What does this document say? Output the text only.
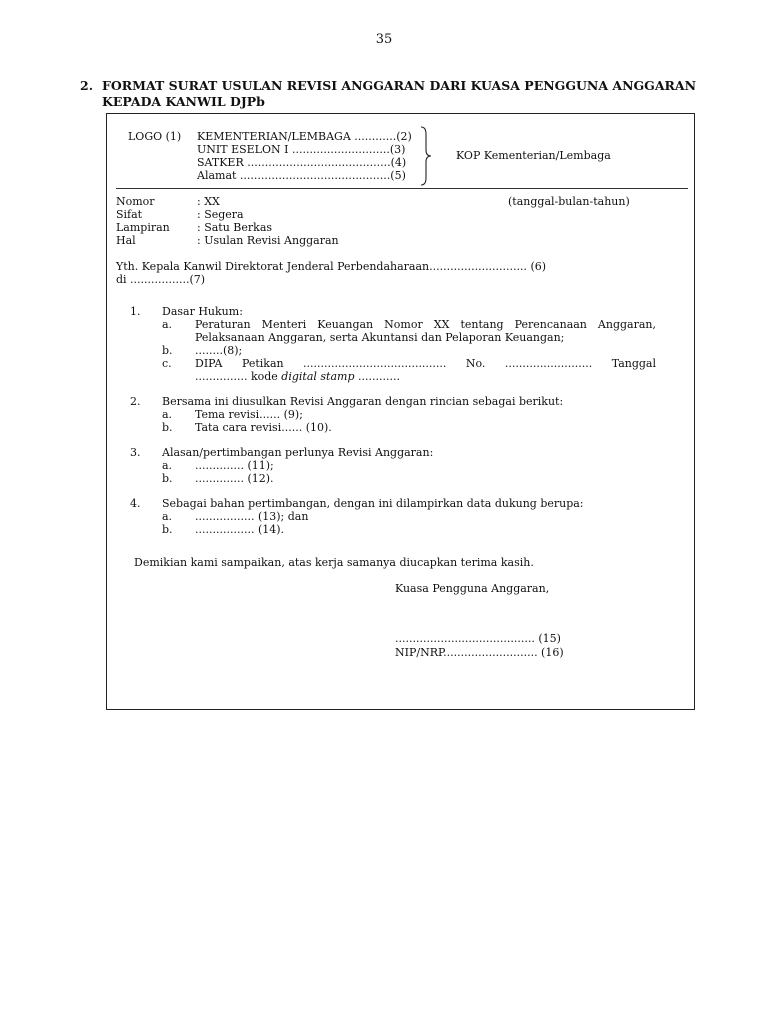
35
2. FORMAT SURAT USULAN REVISI ANGGARAN DARI KUASA PENGGUNA ANGGARAN
KEPADA KANWIL DJPb
LOGO (1) KEMENTERIAN/LEMBAGA ............(2)
UNIT ESELON I ............................(3)
SATKER .........................................(4)
Alamat ...........................................(5)
KOP Kementerian/Lembaga
Nomor
Sifat
Lampiran
Hal
: XX
: Segera
: Satu Berkas
: Usulan Revisi Anggaran
(tanggal-bulan-tahun)
Yth. Kepala Kanwil Direktorat Jenderal Perbendaharaan............................ (6)
di .................(7)
1. Dasar Hukum:
a. Peraturan Menteri Keuangan Nomor XX tentang Perencanaan Anggaran,
Pelaksanaan Anggaran, serta Akuntansi dan Pelaporan Keuangan;
b. ........(8);
c. DIPA Petikan ......................................... No. ......................... Tanggal
............... kode digital stamp ............
2. Bersama ini diusulkan Revisi Anggaran dengan rincian sebagai berikut:
a. Tema revisi...... (9);
b. Tata cara revisi...... (10).
3. Alasan/pertimbangan perlunya Revisi Anggaran:
a. .............. (11);
b. .............. (12).
4. Sebagai bahan pertimbangan, dengan ini dilampirkan data dukung berupa:
a. ................. (13); dan
b. ................. (14).
Demikian kami sampaikan, atas kerja samanya diucapkan terima kasih.
Kuasa Pengguna Anggaran,
........................................ (15)
NIP/NRP........................... (16)
